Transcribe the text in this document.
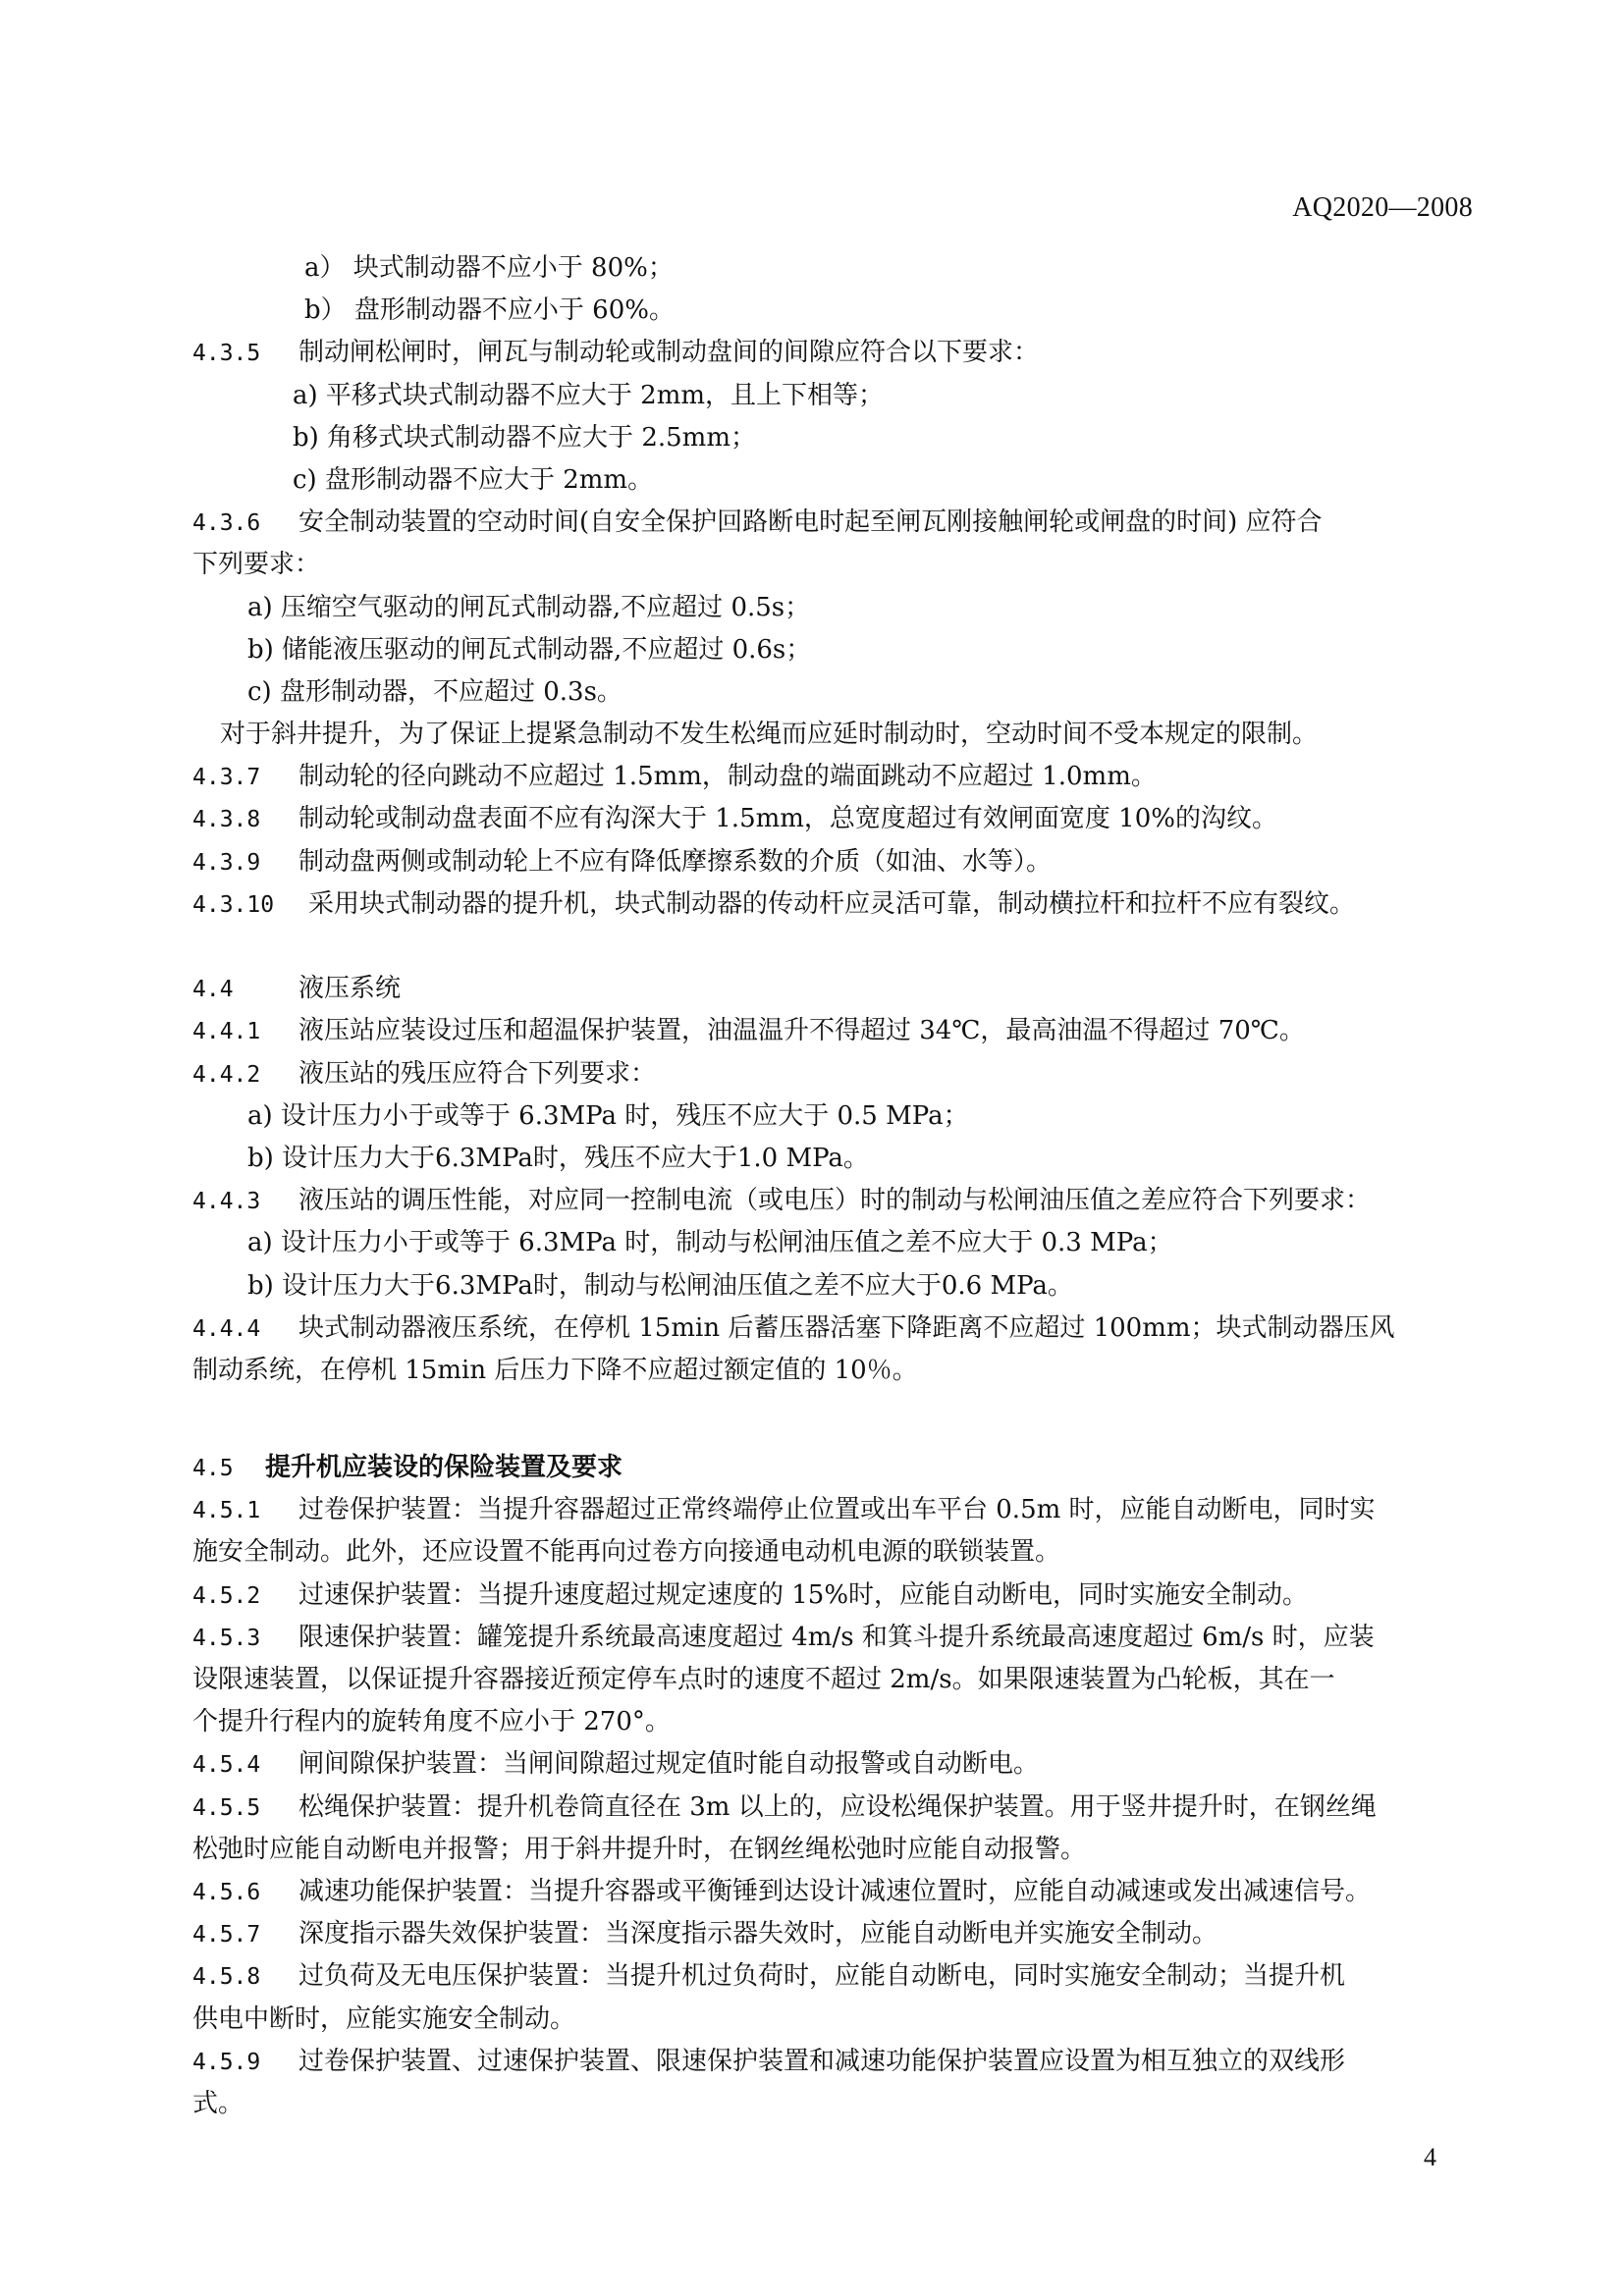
AQ2020—2008
a） 块式制动器不应小于 80%；
b） 盘形制动器不应小于 60%。
4.3.5 制动闸松闸时，闸瓦与制动轮或制动盘间的间隙应符合以下要求：
a) 平移式块式制动器不应大于 2mm，且上下相等；
b) 角移式块式制动器不应大于 2.5mm；
c) 盘形制动器不应大于 2mm。
4.3.6 安全制动装置的空动时间(自安全保护回路断电时起至闸瓦刚接触闸轮或闸盘的时间) 应符合
下列要求：
a) 压缩空气驱动的闸瓦式制动器,不应超过 0.5s；
b) 储能液压驱动的闸瓦式制动器,不应超过 0.6s；
c) 盘形制动器，不应超过 0.3s。
对于斜井提升，为了保证上提紧急制动不发生松绳而应延时制动时，空动时间不受本规定的限制。
4.3.7 制动轮的径向跳动不应超过 1.5mm，制动盘的端面跳动不应超过 1.0mm。
4.3.8 制动轮或制动盘表面不应有沟深大于 1.5mm，总宽度超过有效闸面宽度 10%的沟纹。
4.3.9 制动盘两侧或制动轮上不应有降低摩擦系数的介质（如油、水等）。
4.3.10 采用块式制动器的提升机，块式制动器的传动杆应灵活可靠，制动横拉杆和拉杆不应有裂纹。
4.4	液压系统
4.4.1 液压站应装设过压和超温保护装置，油温温升不得超过 34℃，最高油温不得超过 70℃。
4.4.2 液压站的残压应符合下列要求：
a) 设计压力小于或等于 6.3MPa 时，残压不应大于 0.5 MPa；
b) 设计压力大于6.3MPa时，残压不应大于1.0 MPa。
4.4.3 液压站的调压性能，对应同一控制电流（或电压）时的制动与松闸油压值之差应符合下列要求：
a) 设计压力小于或等于 6.3MPa 时，制动与松闸油压值之差不应大于 0.3 MPa；
b) 设计压力大于6.3MPa时，制动与松闸油压值之差不应大于0.6 MPa。
4.4.4 块式制动器液压系统，在停机 15min 后蓄压器活塞下降距离不应超过 100mm；块式制动器压风
制动系统，在停机 15min 后压力下降不应超过额定值的 10％。
4.5 提升机应装设的保险装置及要求
4.5.1 过卷保护装置：当提升容器超过正常终端停止位置或出车平台 0.5m 时，应能自动断电，同时实
施安全制动。此外，还应设置不能再向过卷方向接通电动机电源的联锁装置。
4.5.2 过速保护装置：当提升速度超过规定速度的 15%时，应能自动断电，同时实施安全制动。
4.5.3 限速保护装置：罐笼提升系统最高速度超过 4m/s 和箕斗提升系统最高速度超过 6m/s 时，应装
设限速装置，以保证提升容器接近预定停车点时的速度不超过 2m/s。如果限速装置为凸轮板，其在一
个提升行程内的旋转角度不应小于 270°。
4.5.4 闸间隙保护装置：当闸间隙超过规定值时能自动报警或自动断电。
4.5.5 松绳保护装置：提升机卷筒直径在 3m 以上的，应设松绳保护装置。用于竖井提升时，在钢丝绳
松弛时应能自动断电并报警；用于斜井提升时，在钢丝绳松弛时应能自动报警。
4.5.6 减速功能保护装置：当提升容器或平衡锤到达设计减速位置时，应能自动减速或发出减速信号。
4.5.7 深度指示器失效保护装置：当深度指示器失效时，应能自动断电并实施安全制动。
4.5.8 过负荷及无电压保护装置：当提升机过负荷时，应能自动断电，同时实施安全制动；当提升机
供电中断时，应能实施安全制动。
4.5.9 过卷保护装置、过速保护装置、限速保护装置和减速功能保护装置应设置为相互独立的双线形
式。
4
